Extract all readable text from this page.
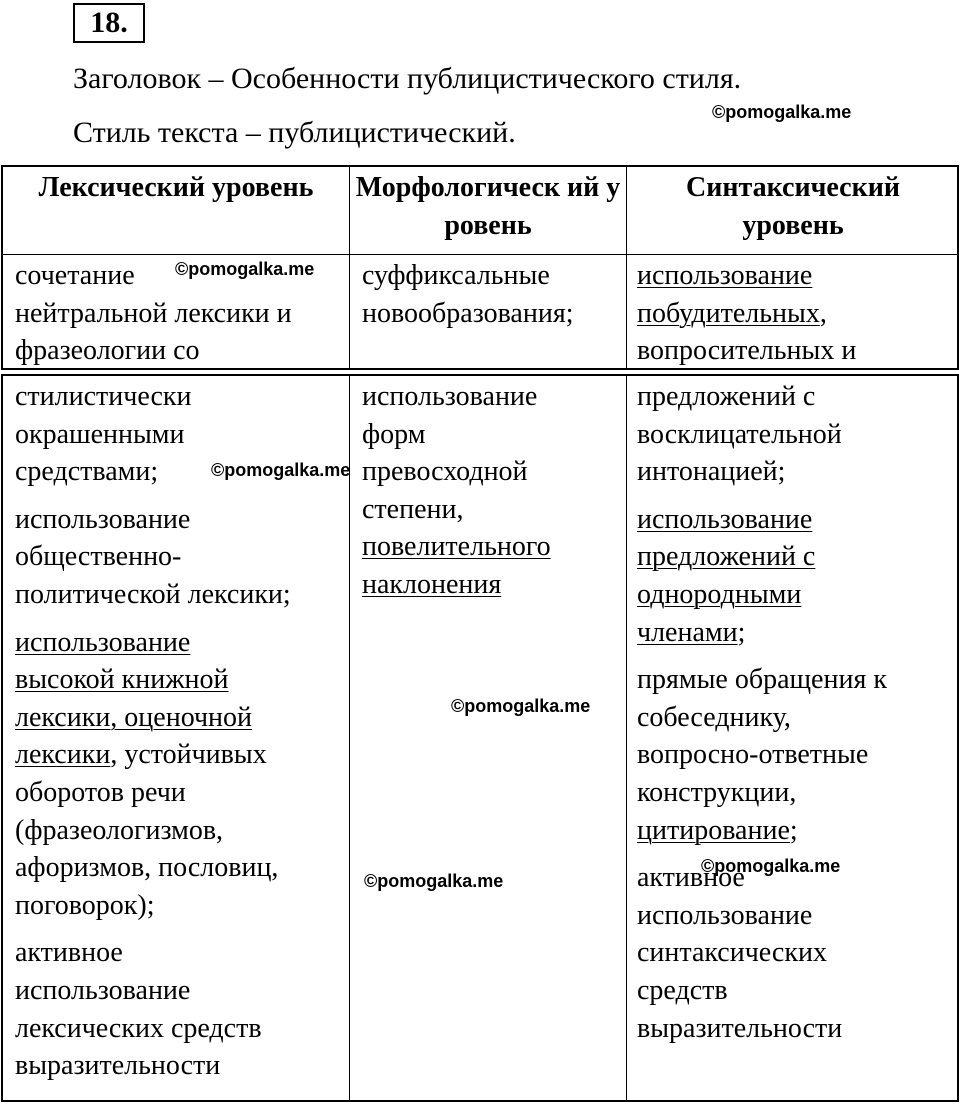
18.
Заголовок – Особенности публицистического стиля.
Стиль текста – публицистический.
©pomogalka.me
Лексический уровень	Морфологическ ий уровень
Синтаксический уровень
сочетание
нейтральной лексики и
фразеологии со
©pomogalka.me суффиксальные
новообразования;
использование
побудительных,
вопросительных и
стилистически
окрашенными
средствами;
использование
общественно-
политической лексики;
использование
высокой книжной
лексики, оценочной
лексики, устойчивых
оборотов речи
(фразеологизмов,
афоризмов, пословиц,
поговорок);
активное
использование
лексических средств
выразительности
©pomogalka.me
использование
форм
превосходной
степени,
повелительного
наклонения
©pomogalka.me
©pomogalka.me
предложений с
восклицательной
интонацией;
использование
предложений с
однородными
членами;
прямые обращения к
собеседнику,
вопросно-ответные
конструкции,
цитирование;
активное
использование
синтаксических
средств
выразительности
©pomogalka.me
